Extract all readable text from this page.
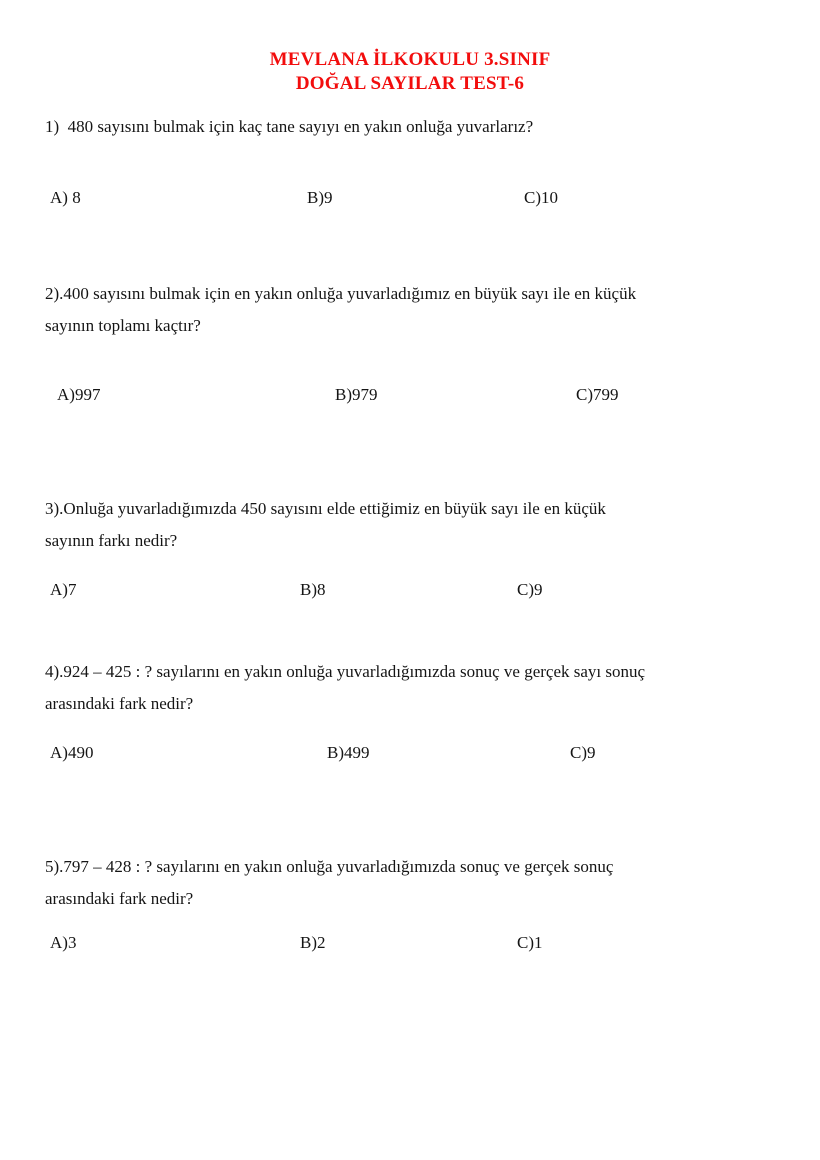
MEVLANA İLKOKULU 3.SINIF
DOĞAL SAYILAR TEST-6
1)  480 sayısını bulmak için kaç tane sayıyı en yakın onluğa yuvarlarız?
A) 8	B)9	C)10
2).400 sayısını bulmak için en yakın onluğa yuvarladığımız en büyük sayı ile en küçük
sayının toplamı kaçtır?
A)997	B)979	C)799
3).Onluğa yuvarladığımızda 450 sayısını elde ettiğimiz en büyük sayı ile en küçük
sayının farkı nedir?
A)7	B)8	C)9
4).924 – 425 : ? sayılarını en yakın onluğa yuvarladığımızda sonuç ve gerçek sayı sonuç
arasındaki fark nedir?
A)490	B)499	C)9
5).797 – 428 : ? sayılarını en yakın onluğa yuvarladığımızda sonuç ve gerçek sonuç
arasındaki fark nedir?
A)3	B)2	C)1
